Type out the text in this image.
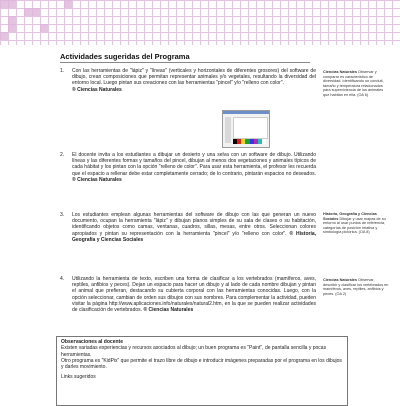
Actividades sugeridas del Programa
1. Con las herramientas de "lápiz" y "líneas" (verticales y horizontales de diferentes grosores) del software de dibujo, crean composiciones que permitan representar animales y/o vegetales, resultando la diversidad del entorno local. Luego pintan sus creaciones con las herramientas "pincel" y/o "relleno con color".
® Ciencias Naturales
2. El docente invita a los estudiantes a dibujar un desierto y una selva con un software de dibujo. Utilizando líneas y las diferentes formas y tamaños del pincel, dibujan al menos dos vegetaciones y animales típicos de cada hábitat y los pintan con la opción "relleno de color". Para usar esta herramienta, el profesor les recuerda que el espacio a rellenar debe estar completamente cerrado; de lo contrario, pintarán espacios no deseados. ® Ciencias Naturales
3. Los estudiantes emplean algunas herramientas del software de dibujo con las que generan un nuevo documento, ocupan la herramienta "lápiz" y dibujan planos simples de su sala de clases o su habitación, identificando objetos como camas, ventanas, cuadros, sillas, mesas, entre otros. Seleccionan colores apropiados y pintan su representación con la herramienta "pincel" y/o "relleno con color". ® Historia, Geografía y Ciencias Sociales
4. Utilizando la herramienta de texto, escriben una forma de clasificar a los vertebrados (mamíferos, aves, reptiles, anfibios y peces). Dejan un espacio para hacer un dibujo y al lado de cada nombre dibujan y pintan el animal que prefieran, destacando su cubierta corporal con las herramientas conocidas. Luego, con la opción seleccionar, cambian de orden sus dibujos con sus nombres. Para complementar la actividad, pueden visitar la página http://www.aplicaciones.info/naturales/natural2.htm, en la que se pueden realizar actividades de clasificación de vertebrados. ® Ciencias Naturales
Ciencias Naturales Observar y comparar es característico de diversidad. Identificando un conduit, tamaño y temperatura relacionados para superviviencia de los animales que habitan en ella. (OA 6)
Historia, Geografía y Ciencias Sociales Dibujar y usar mapas de su entorno al usar puntos de referencia, categorías de posición relativa y simbología pictórica. (OA 8)
Ciencias Naturales Observar, describir y clasificar los vertebrados en mamíferos, aves, reptiles, anfibios y peces. (OA 2)
Observaciones al docente
Existen variadas experiencias y recursos asociados al dibujo; un buen programa es "Paint", de pantalla sencilla y pocas herramientas.
Otro programa es "KidPix" que permite el trazo libre de dibujo e introducir imágenes preparadas por el programa en los dibujos y darles movimiento.
Links sugeridos
